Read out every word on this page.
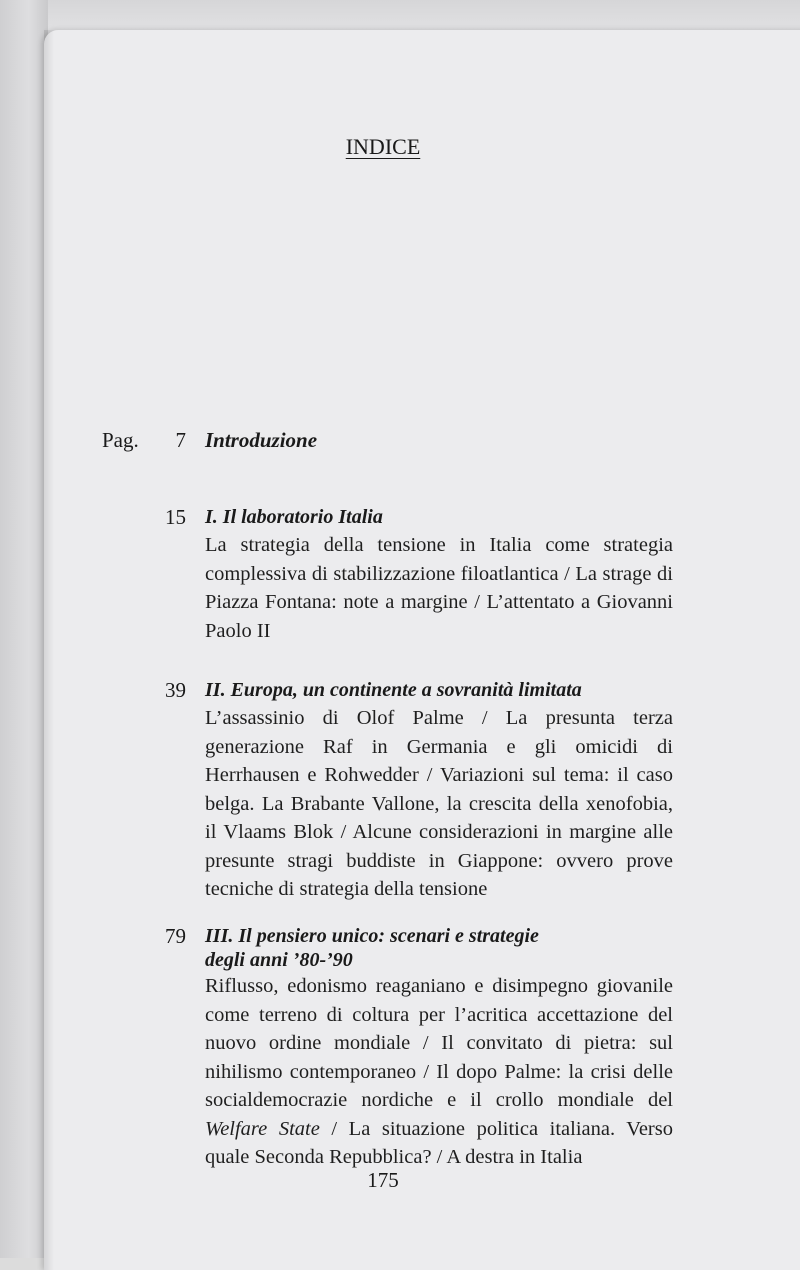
INDICE
Pag.	7 Introduzione
15 I. Il laboratorio Italia
La strategia della tensione in Italia come strategia complessiva di stabilizzazione filoatlantica / La strage di Piazza Fontana: note a margine / L’attentato a Giovanni Paolo II
39 II. Europa, un continente a sovranità limitata
L’assassinio di Olof Palme / La presunta terza generazione Raf in Germania e gli omicidi di Herrhausen e Rohwedder / Variazioni sul tema: il caso belga. La Brabante Vallone, la crescita della xenofobia, il Vlaams Blok / Alcune considerazioni in margine alle presunte stragi buddiste in Giappone: ovvero prove tecniche di strategia della tensione
79 III. Il pensiero unico: scenari e strategie degli anni ’80-’90
Riflusso, edonismo reaganiano e disimpegno giovanile come terreno di coltura per l’acritica accettazione del nuovo ordine mondiale / Il convitato di pietra: sul nihilismo contemporaneo / Il dopo Palme: la crisi delle socialdemocrazie nordiche e il crollo mondiale del Welfare State / La situazione politica italiana. Verso quale Seconda Repubblica? / A destra in Italia
175
